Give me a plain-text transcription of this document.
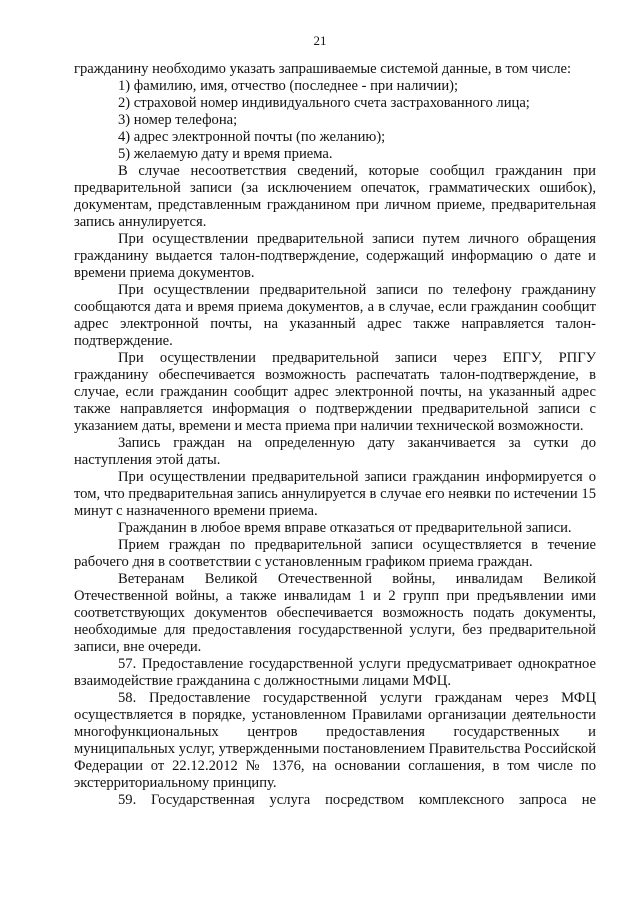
21

гражданину необходимо указать запрашиваемые системой данные, в том числе:

1) фамилию, имя, отчество (последнее - при наличии);

2) страховой номер индивидуального счета застрахованного лица;

3) номер телефона;

4) адрес электронной почты (по желанию);

5) желаемую дату и время приема.

В случае несоответствия сведений, которые сообщил гражданин при предварительной записи (за исключением опечаток, грамматических ошибок), документам, представленным гражданином при личном приеме, предварительная запись аннулируется.

При осуществлении предварительной записи путем личного обращения гражданину выдается талон-подтверждение, содержащий информацию о дате и времени приема документов.

При осуществлении предварительной записи по телефону гражданину сообщаются дата и время приема документов, а в случае, если гражданин сообщит адрес электронной почты, на указанный адрес также направляется талон-подтверждение.

При осуществлении предварительной записи через ЕПГУ, РПГУ гражданину обеспечивается возможность распечатать талон-подтверждение, в случае, если гражданин сообщит адрес электронной почты, на указанный адрес также направляется информация о подтверждении предварительной записи с указанием даты, времени и места приема при наличии технической возможности.

Запись граждан на определенную дату заканчивается за сутки до наступления этой даты.

При осуществлении предварительной записи гражданин информируется о том, что предварительная запись аннулируется в случае его неявки по истечении 15 минут с назначенного времени приема.

Гражданин в любое время вправе отказаться от предварительной записи.

Прием граждан по предварительной записи осуществляется в течение рабочего дня в соответствии с установленным графиком приема граждан.

Ветеранам Великой Отечественной войны, инвалидам Великой Отечественной войны, а также инвалидам 1 и 2 групп при предъявлении ими соответствующих документов обеспечивается возможность подать документы, необходимые для предоставления государственной услуги, без предварительной записи, вне очереди.

57. Предоставление государственной услуги предусматривает однократное взаимодействие гражданина с должностными лицами МФЦ.

58. Предоставление государственной услуги гражданам через МФЦ осуществляется в порядке, установленном Правилами организации деятельности многофункциональных центров предоставления государственных и муниципальных услуг, утвержденными постановлением Правительства Российской Федерации от 22.12.2012 № 1376, на основании соглашения, в том числе по экстерриториальному принципу.

59. Государственная услуга посредством комплексного запроса не
